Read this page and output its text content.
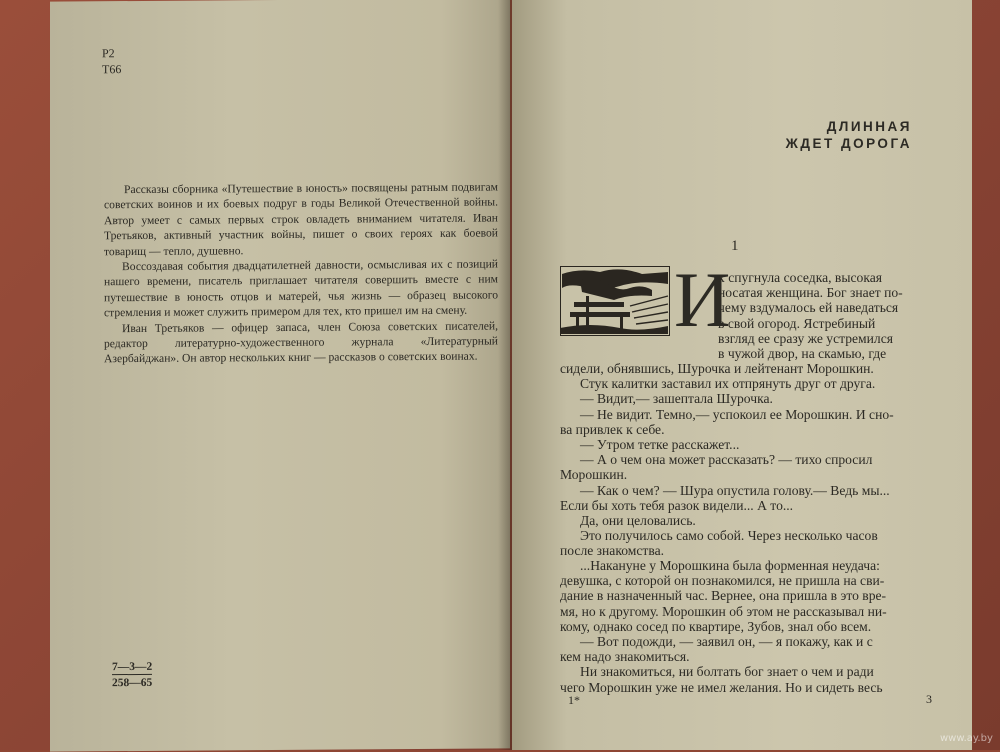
Р2
Т66

Рассказы сборника «Путешествие в юность» посвящены ратным подвигам советских воинов и их боевых подруг в годы Великой Отечественной войны. Автор умеет с самых первых строк овладеть вниманием читателя. Иван Третьяков, активный участник войны, пишет о своих героях как боевой товарищ — тепло, душевно.

Воссоздавая события двадцатилетней давности, осмысливая их с позиций нашего времени, писатель приглашает читателя совершить вместе с ним путешествие в юность отцов и матерей, чья жизнь — образец высокого стремления и может служить примером для тех, кто пришел им на смену.

Иван Третьяков — офицер запаса, член Союза советских писателей, редактор литературно-художественного журнала «Литературный Азербайджан». Он автор нескольких книг — рассказов о советских воинах.

7—3—2
258—65
ДЛИННАЯ
ЖДЕТ ДОРОГА
1
И

х спугнула соседка, высокая

носатая женщина. Бог знает по-

чему вздумалось ей наведаться

в свой огород. Ястребиный

взгляд ее сразу же устремился

в чужой двор, на скамью, где

сидели, обнявшись, Шурочка и лейтенант Морошкин.

Стук калитки заставил их отпрянуть друг от друга.

— Видит,— зашептала Шурочка.

— Не видит. Темно,— успокоил ее Морошкин. И сно-

ва привлек к себе.

— Утром тетке расскажет...

— А о чем она может рассказать? — тихо спросил

Морошкин.

— Как о чем? — Шура опустила голову.— Ведь мы...

Если бы хоть тебя разок видели... А то...

Да, они целовались.

Это получилось само собой. Через несколько часов

после знакомства.

...Накануне у Морошкина была форменная неудача:

девушка, с которой он познакомился, не пришла на сви-

дание в назначенный час. Вернее, она пришла в это вре-

мя, но к другому. Морошкин об этом не рассказывал ни-

кому, однако сосед по квартире, Зубов, знал обо всем.

— Вот подожди, — заявил он, — я покажу, как и с

кем надо знакомиться.

Ни знакомиться, ни болтать бог знает о чем и ради

чего Морошкин уже не имел желания. Но и сидеть весь

1*	3
www.ay.by
